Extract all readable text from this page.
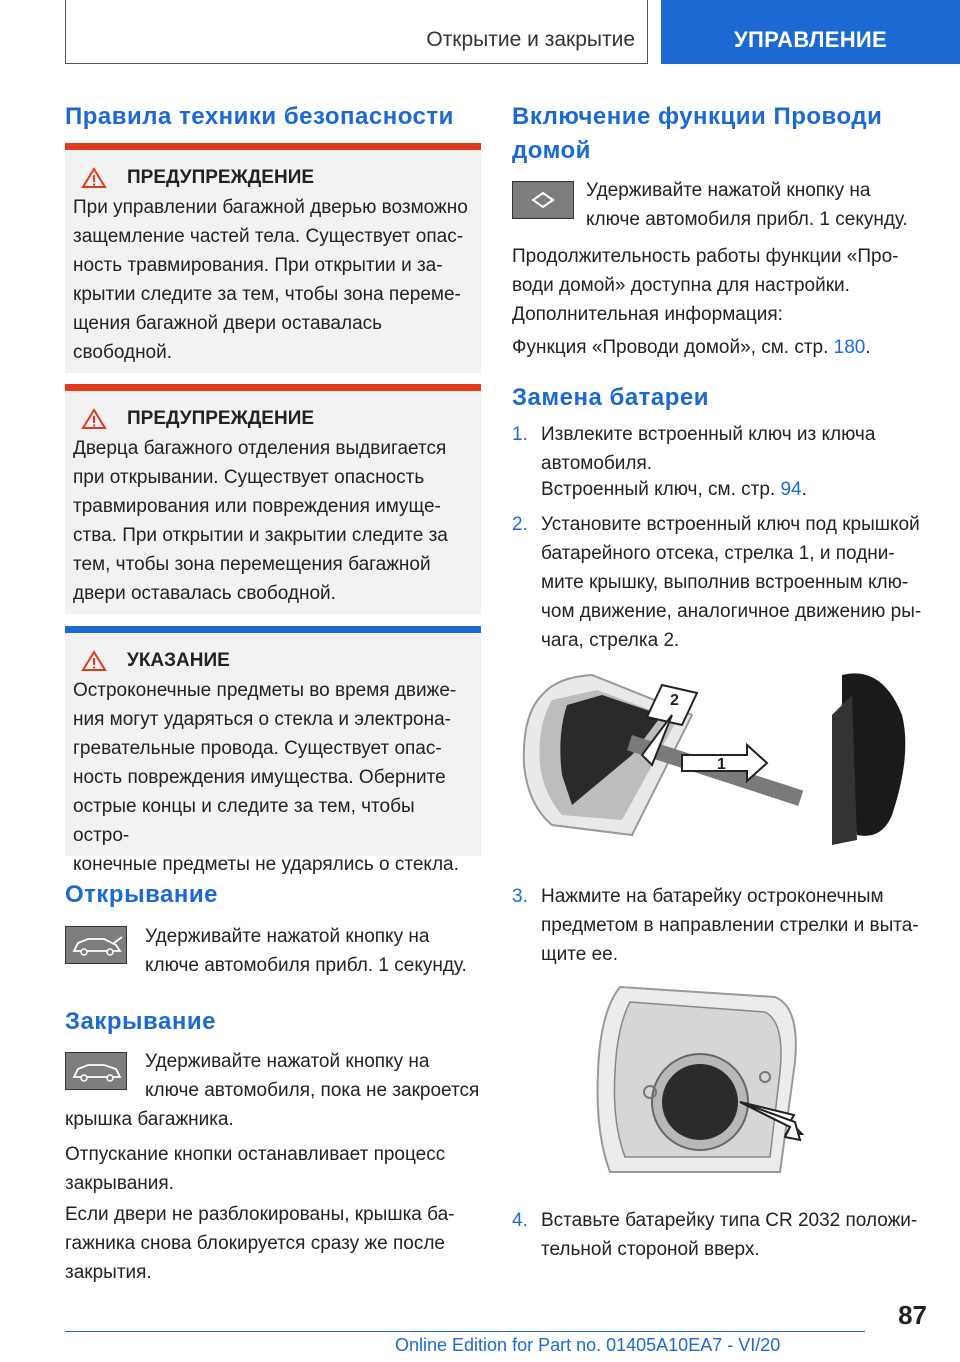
Открытие и закрытие	УПРАВЛЕНИЕ
Правила техники безопасности
ПРЕДУПРЕЖДЕНИЕ
При управлении багажной дверью возможно
защемление частей тела. Существует опас-
ность травмирования. При открытии и за-
крытии следите за тем, чтобы зона переме-
щения багажной двери оставалась
свободной.
ПРЕДУПРЕЖДЕНИЕ
Дверца багажного отделения выдвигается
при открывании. Существует опасность
травмирования или повреждения имуще-
ства. При открытии и закрытии следите за
тем, чтобы зона перемещения багажной
двери оставалась свободной.
УКАЗАНИЕ
Остроконечные предметы во время движе-
ния могут ударяться о стекла и электрона-
гревательные провода. Существует опас-
ность повреждения имущества. Оберните
острые концы и следите за тем, чтобы остро-
конечные предметы не ударялись о стекла.
Открывание
Удерживайте нажатой кнопку на
ключе автомобиля прибл. 1 секунду.
Закрывание
Удерживайте нажатой кнопку на
ключе автомобиля, пока не закроется
крышка багажника.
Отпускание кнопки останавливает процесс
закрывания.
Если двери не разблокированы, крышка ба-
гажника снова блокируется сразу же после
закрытия.
Включение функции Проводи
домой
Удерживайте нажатой кнопку на
ключе автомобиля прибл. 1 секунду.
Продолжительность работы функции «Про-
води домой» доступна для настройки.
Дополнительная информация:
Функция «Проводи домой», см. стр. 180.
Замена батареи
1. Извлеките встроенный ключ из ключа
автомобиля.
Встроенный ключ, см. стр. 94.
2. Установите встроенный ключ под крышкой
батарейного отсека, стрелка 1, и подни-
мите крышку, выполнив встроенным клю-
чом движение, аналогичное движению ры-
чага, стрелка 2.
2
1
3. Нажмите на батарейку остроконечным
предметом в направлении стрелки и выта-
щите ее.
4. Вставьте батарейку типа CR 2032 положи-
тельной стороной вверх.
87
Online Edition for Part no. 01405A10EA7 - VI/20
